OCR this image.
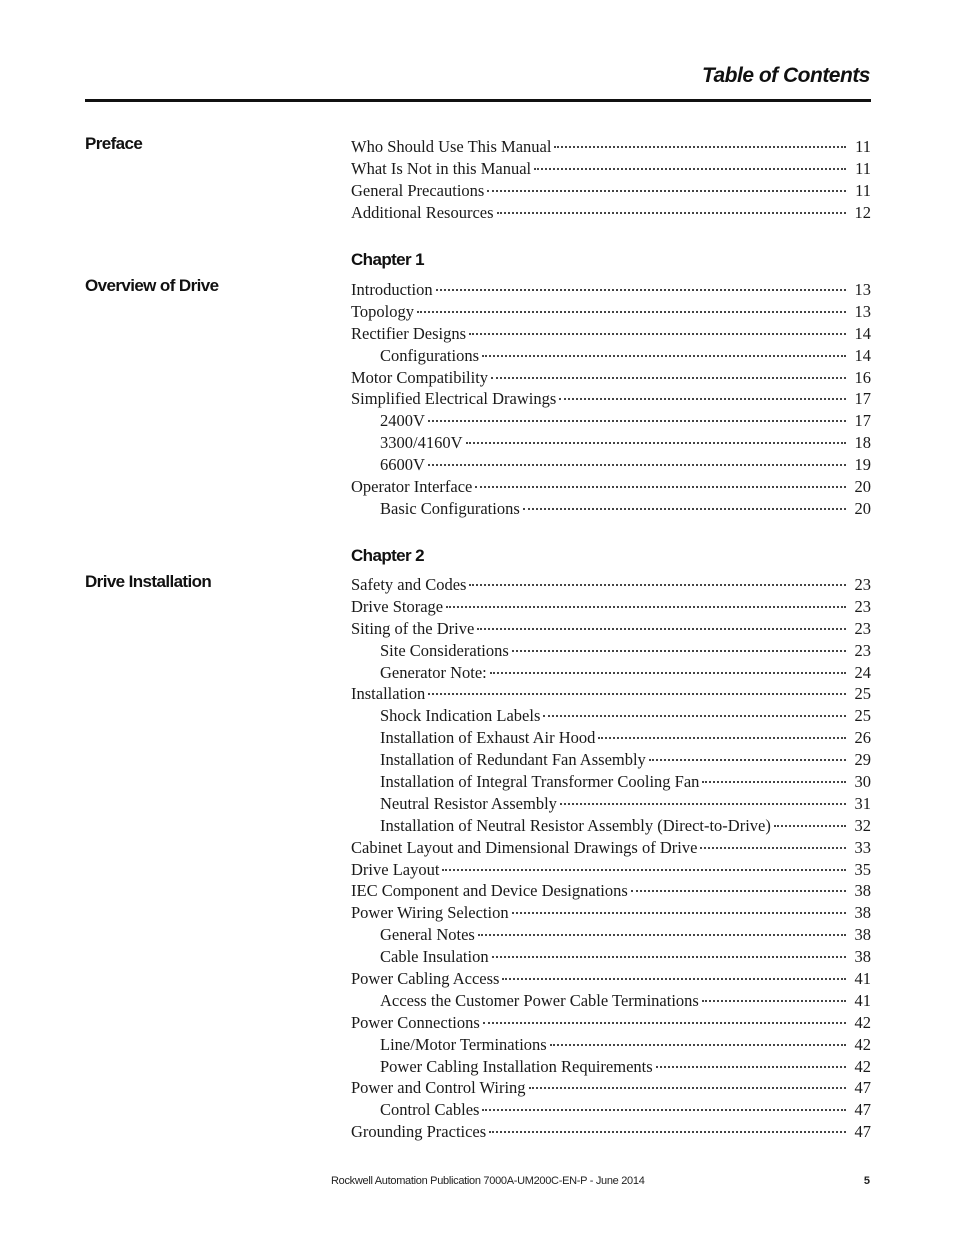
Table of Contents
Preface	Who Should Use This Manual	11
What Is Not in this Manual	11
General Precautions	11
Additional Resources	12
Chapter 1
Overview of Drive	Introduction	13
Topology	13
Rectifier Designs	14
Configurations	14
Motor Compatibility	16
Simplified Electrical Drawings	17
2400V	17
3300/4160V	18
6600V	19
Operator Interface	20
Basic Configurations	20
Chapter 2
Drive Installation	Safety and Codes	23
Drive Storage	23
Siting of the Drive	23
Site Considerations	23
Generator Note:	24
Installation	25
Shock Indication Labels	25
Installation of Exhaust Air Hood	26
Installation of Redundant Fan Assembly	29
Installation of Integral Transformer Cooling Fan	30
Neutral Resistor Assembly	31
Installation of Neutral Resistor Assembly (Direct-to-Drive)	32
Cabinet Layout and Dimensional Drawings of Drive	33
Drive Layout	35
IEC Component and Device Designations	38
Power Wiring Selection	38
General Notes	38
Cable Insulation	38
Power Cabling Access	41
Access the Customer Power Cable Terminations	41
Power Connections	42
Line/Motor Terminations	42
Power Cabling Installation Requirements	42
Power and Control Wiring	47
Control Cables	47
Grounding Practices	47
Rockwell Automation Publication 7000A-UM200C-EN-P - June 2014	5
